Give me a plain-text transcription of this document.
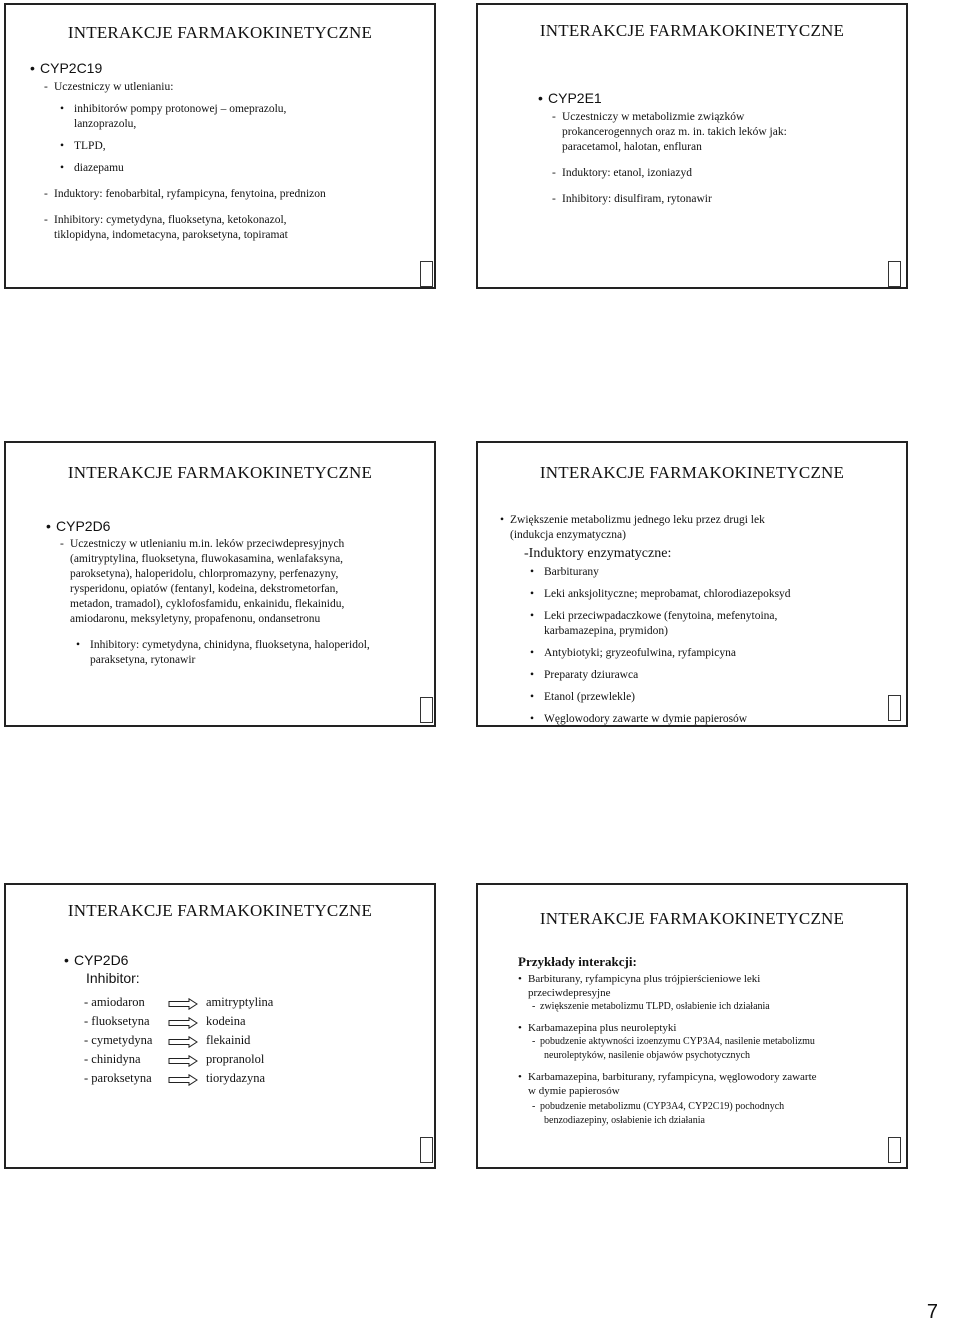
INTERAKCJE FARMAKOKINETYCZNE
• CYP2C19
- Uczestniczy w utlenianiu:
• inhibitorów pompy protonowej – omeprazolu,
lanzoprazolu,
• TLPD,
• diazepamu
- Induktory: fenobarbital, ryfampicyna, fenytoina, prednizon
- Inhibitory: cymetydyna, fluoksetyna, ketokonazol,
tiklopidyna, indometacyna, paroksetyna, topiramat
INTERAKCJE FARMAKOKINETYCZNE
• CYP2E1
- Uczestniczy w metabolizmie związków
prokancerogennych oraz m. in. takich leków jak:
paracetamol, halotan, enfluran
- Induktory: etanol, izoniazyd
- Inhibitory: disulfiram, rytonawir
INTERAKCJE FARMAKOKINETYCZNE
• CYP2D6
- Uczestniczy w utlenianiu m.in. leków przeciwdepresyjnych
(amitryptylina, fluoksetyna, fluwokasamina, wenlafaksyna,
paroksetyna), haloperidolu, chlorpromazyny, perfenazyny,
rysperidonu, opiatów (fentanyl, kodeina, dekstrometorfan,
metadon, tramadol), cyklofosfamidu, enkainidu, flekainidu,
amiodaronu, meksyletyny, propafenonu, ondansetronu
• Inhibitory: cymetydyna, chinidyna, fluoksetyna, haloperidol,
paraksetyna, rytonawir
INTERAKCJE FARMAKOKINETYCZNE
• Zwiększenie metabolizmu jednego leku przez drugi lek
(indukcja enzymatyczna)
-Induktory enzymatyczne:
• Barbiturany
• Leki anksjolityczne; meprobamat, chlorodiazepoksyd
• Leki przeciwpadaczkowe (fenytoina, mefenytoina,
karbamazepina, prymidon)
• Antybiotyki; gryzeofulwina, ryfampicyna
• Preparaty dziurawca
• Etanol (przewlekle)
• Węglowodory zawarte w dymie papierosów
INTERAKCJE FARMAKOKINETYCZNE
• CYP2D6
Inhibitor:
- amiodaron	amitryptylina
- fluoksetyna	kodeina
- cymetydyna	flekainid
- chinidyna	propranolol
- paroksetyna	tiorydazyna
INTERAKCJE FARMAKOKINETYCZNE
Przykłady interakcji:
• Barbiturany, ryfampicyna plus trójpierścieniowe leki
przeciwdepresyjne
- zwiększenie metabolizmu TLPD, osłabienie ich działania
• Karbamazepina plus neuroleptyki
- pobudzenie aktywności izoenzymu CYP3A4, nasilenie metabolizmu
neuroleptyków, nasilenie objawów psychotycznych
• Karbamazepina, barbiturany, ryfampicyna, węglowodory zawarte
w dymie papierosów
- pobudzenie metabolizmu (CYP3A4, CYP2C19) pochodnych
benzodiazepiny, osłabienie ich działania
7
